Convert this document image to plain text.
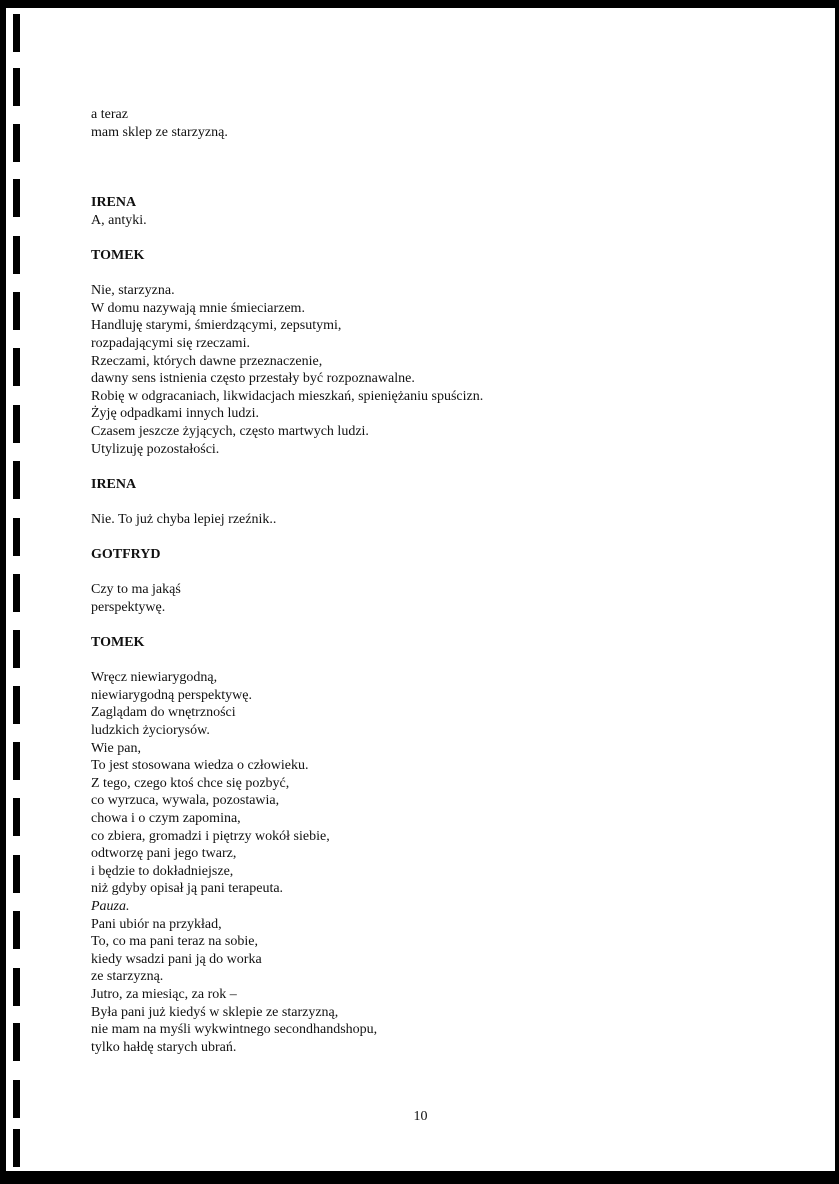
a teraz
mam sklep ze starzyzną.
IRENA
A, antyki.
TOMEK
Nie, starzyzna.
W domu nazywają mnie śmieciarzem.
Handluję starymi, śmierdzącymi, zepsutymi,
rozpadającymi się rzeczami.
Rzeczami, których dawne przeznaczenie,
dawny sens istnienia często przestały być rozpoznawalne.
Robię w odgracaniach, likwidacjach mieszkań, spieniężaniu spuścizn.
Żyję odpadkami innych ludzi.
Czasem jeszcze żyjących, często martwych ludzi.
Utylizuję pozostałości.
IRENA
Nie. To już chyba lepiej rzeźnik..
GOTFRYD
Czy to ma jakąś
perspektywę.
TOMEK
Wręcz niewiarygodną,
niewiarygodną perspektywę.
Zaglądam do wnętrzności
ludzkich życiorysów.
Wie pan,
To jest stosowana wiedza o człowieku.
Z tego, czego ktoś chce się pozbyć,
co wyrzuca, wywala, pozostawia,
chowa i o czym zapomina,
co zbiera, gromadzi i piętrzy wokół siebie,
odtworzę pani jego twarz,
i będzie to dokładniejsze,
niż gdyby opisał ją pani terapeuta.
Pauza.
Pani ubiór na przykład,
To, co ma pani teraz na sobie,
kiedy wsadzi pani ją do worka
ze starzyzną.
Jutro, za miesiąc, za rok –
Była pani już kiedyś w sklepie ze starzyzną,
nie mam na myśli wykwintnego secondhandshopu,
tylko hałdę starych ubrań.
10
